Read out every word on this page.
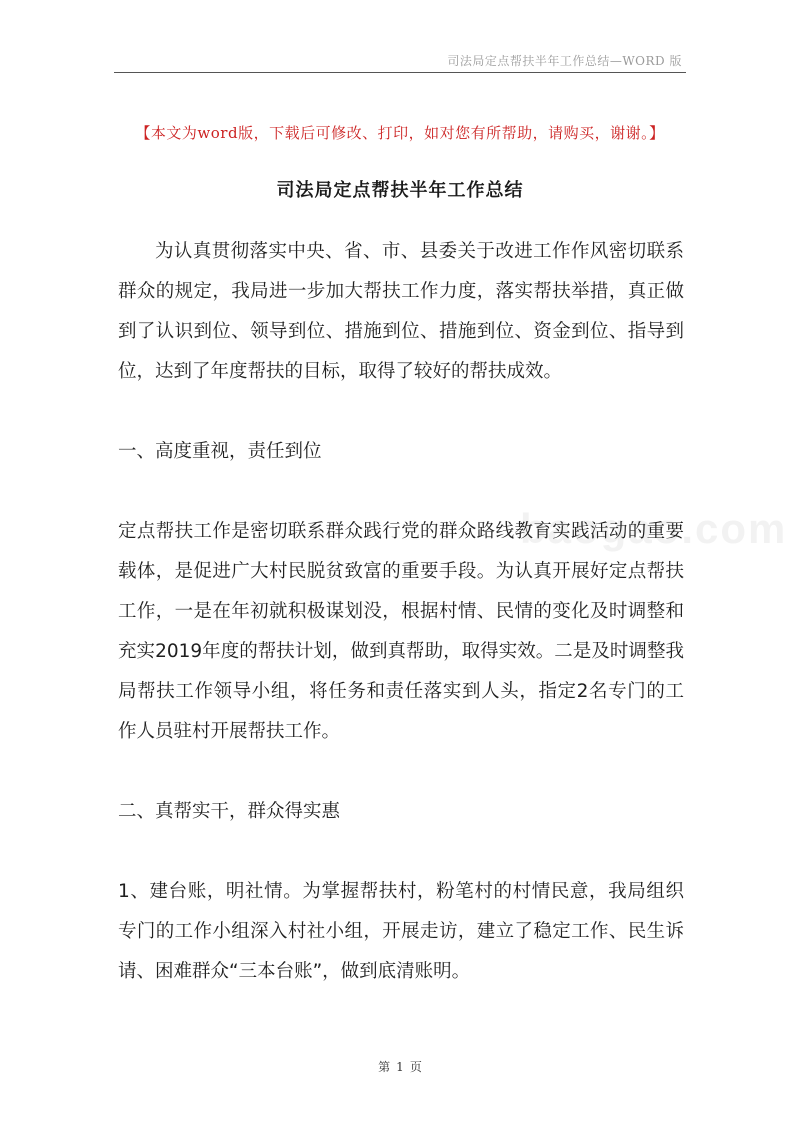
司法局定点帮扶半年工作总结—WORD 版
【本文为word版，下载后可修改、打印，如对您有所帮助，请购买，谢谢。】
司法局定点帮扶半年工作总结
baogao.com

为认真贯彻落实中央、省、市、县委关于改进工作作风密切联系群众的规定，我局进一步加大帮扶工作力度，落实帮扶举措，真正做到了认识到位、领导到位、措施到位、措施到位、资金到位、指导到位，达到了年度帮扶的目标，取得了较好的帮扶成效。

一、高度重视，责任到位

定点帮扶工作是密切联系群众践行党的群众路线教育实践活动的重要载体，是促进广大村民脱贫致富的重要手段。为认真开展好定点帮扶工作，一是在年初就积极谋划没，根据村情、民情的变化及时调整和充实2019年度的帮扶计划，做到真帮助，取得实效。二是及时调整我局帮扶工作领导小组，将任务和责任落实到人头，指定2名专门的工作人员驻村开展帮扶工作。

二、真帮实干，群众得实惠

1、建台账，明社情。为掌握帮扶村，粉笔村的村情民意，我局组织专门的工作小组深入村社小组，开展走访，建立了稳定工作、民生诉请、困难群众“三本台账”，做到底清账明。

第 1 页
